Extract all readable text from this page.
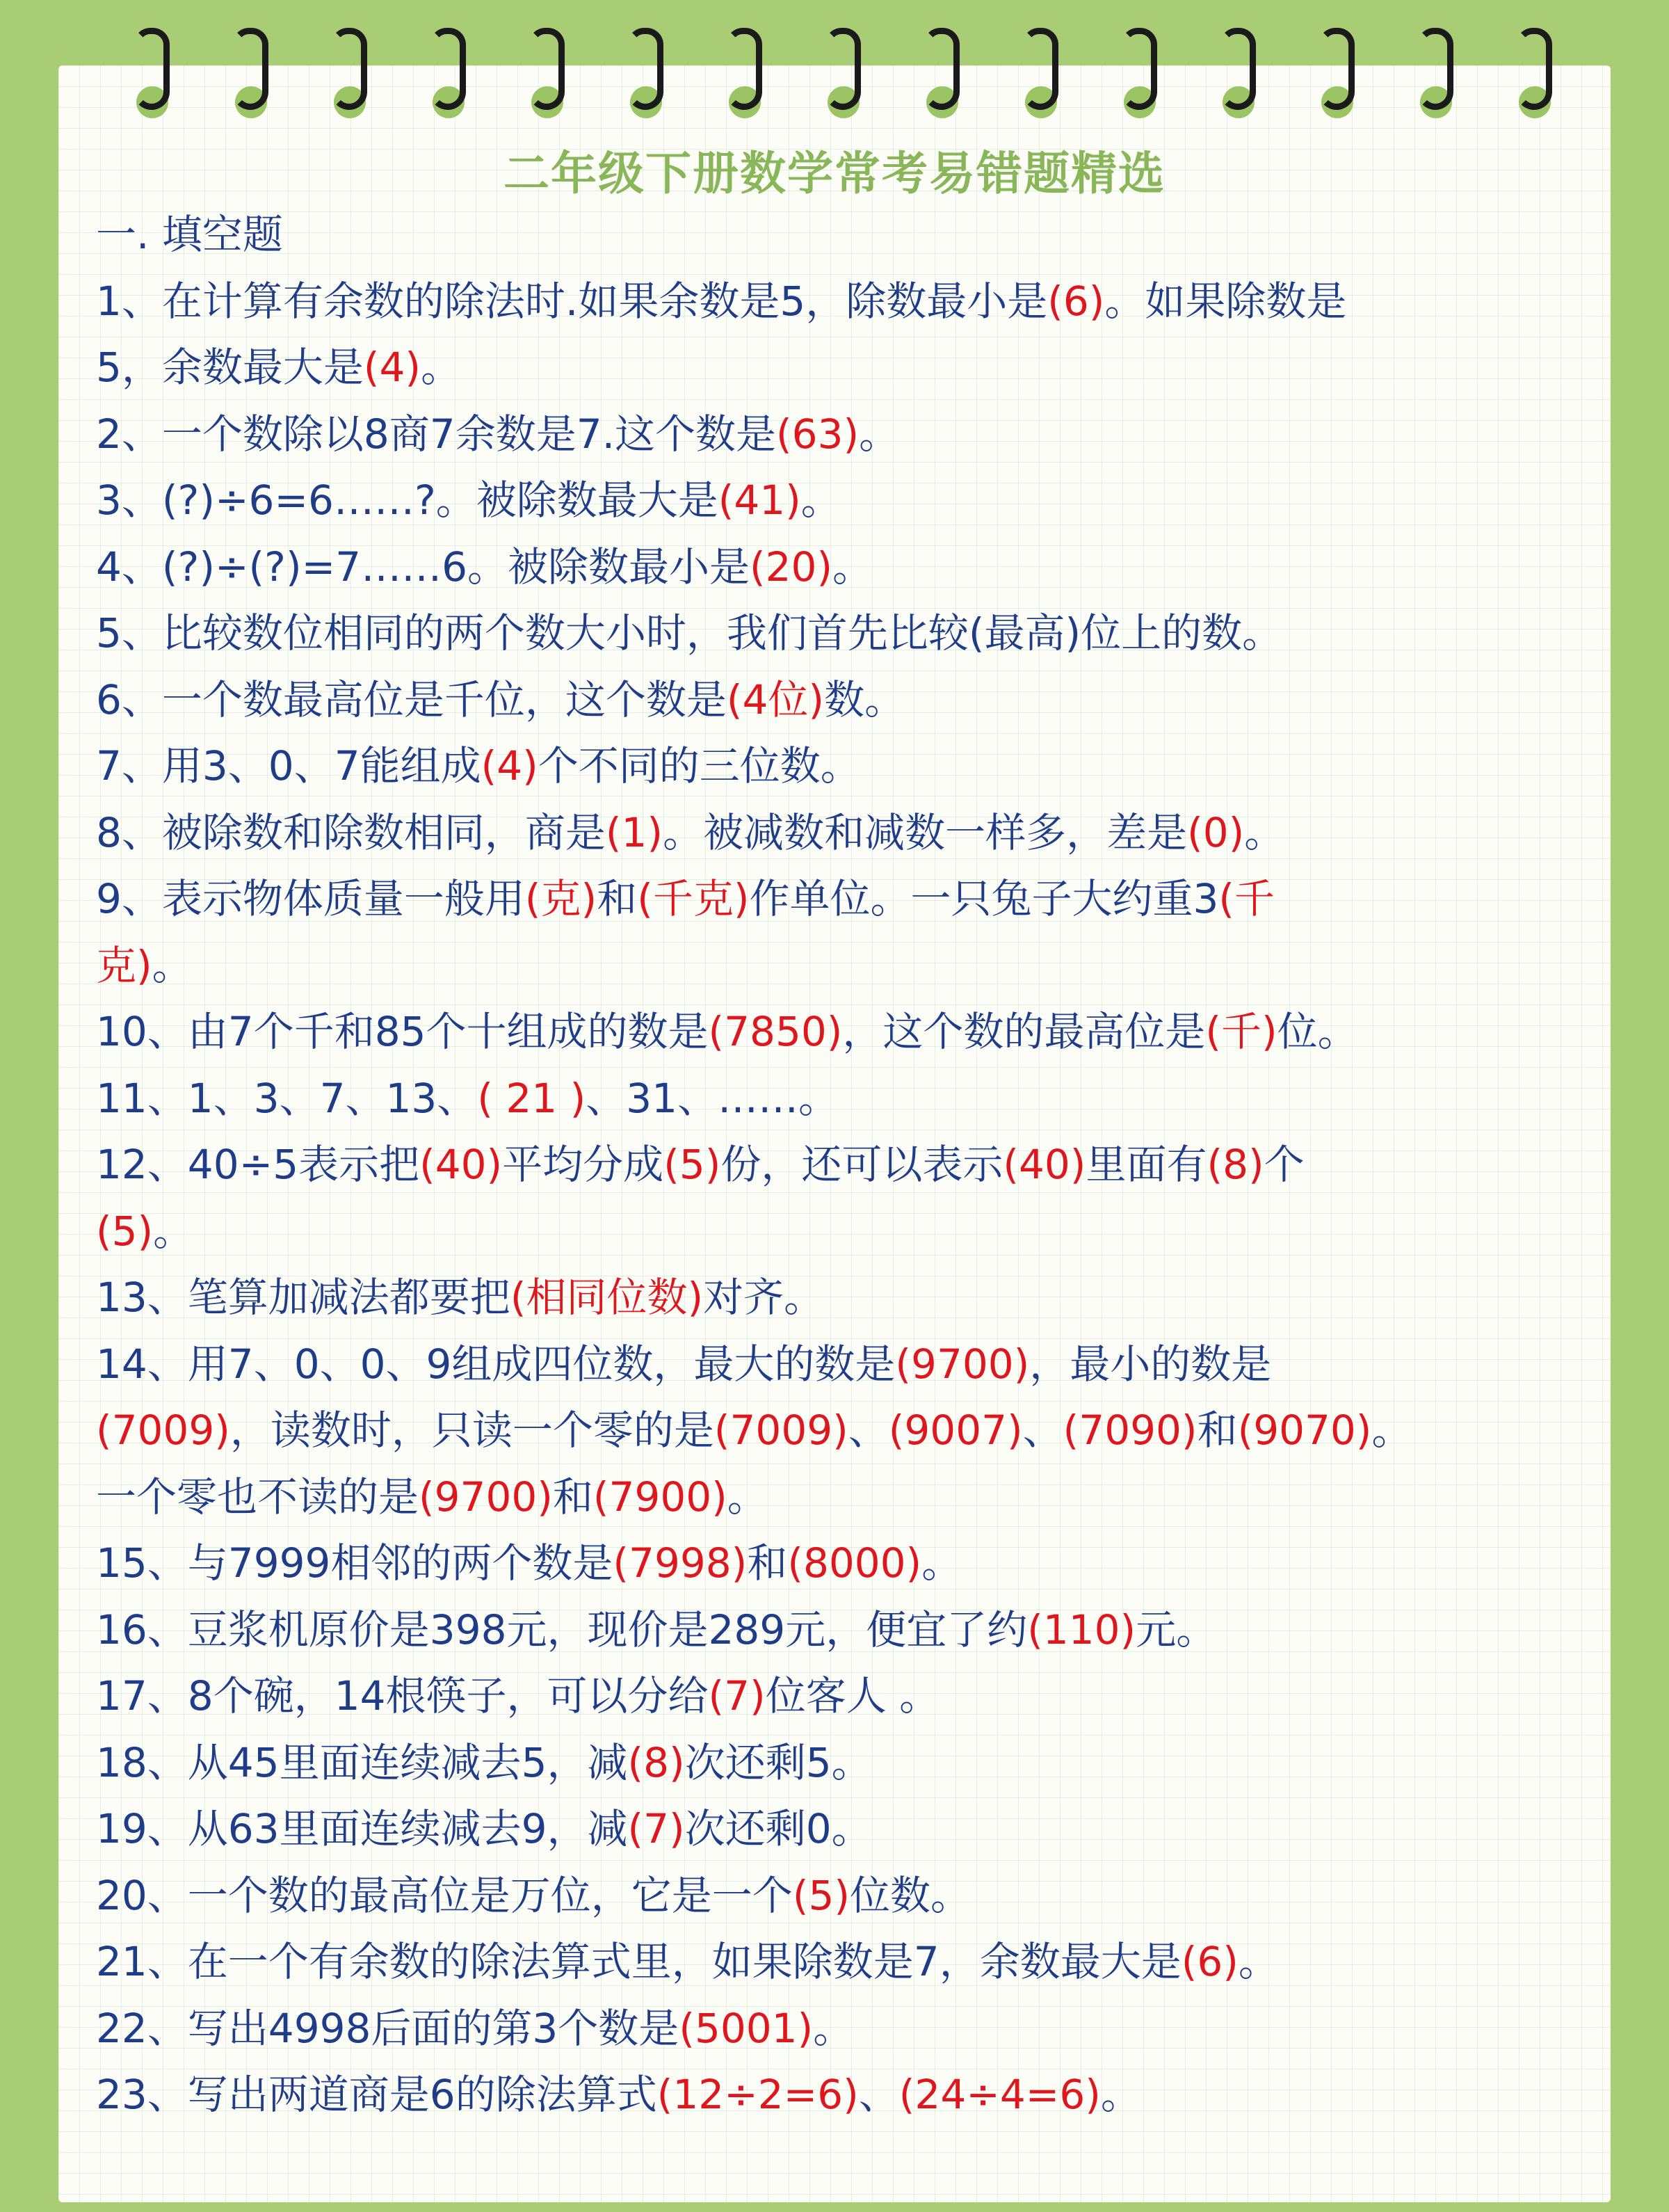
二年级下册数学常考易错题精选
一. 填空题
1、在计算有余数的除法时.如果余数是5，除数最小是(6)。如果除数是
5，余数最大是(4)。
2、一个数除以8商7余数是7.这个数是(63)。
3、(?)÷6=6……?。被除数最大是(41)。
4、(?)÷(?)=7……6。被除数最小是(20)。
5、比较数位相同的两个数大小时，我们首先比较(最高)位上的数。
6、一个数最高位是千位，这个数是(4位)数。
7、用3、0、7能组成(4)个不同的三位数。
8、被除数和除数相同，商是(1)。被减数和减数一样多，差是(0)。
9、表示物体质量一般用(克)和(千克)作单位。一只兔子大约重3(千
克)。
10、由7个千和85个十组成的数是(7850)，这个数的最高位是(千)位。
11、1、3、7、13、( 21 )、31、……。
12、40÷5表示把(40)平均分成(5)份，还可以表示(40)里面有(8)个
(5)。
13、笔算加减法都要把(相同位数)对齐。
14、用7、0、0、9组成四位数，最大的数是(9700)，最小的数是
(7009)，读数时，只读一个零的是(7009)、(9007)、(7090)和(9070)。
一个零也不读的是(9700)和(7900)。
15、与7999相邻的两个数是(7998)和(8000)。
16、豆浆机原价是398元，现价是289元，便宜了约(110)元。
17、8个碗，14根筷子，可以分给(7)位客人 。
18、从45里面连续减去5，减(8)次还剩5。
19、从63里面连续减去9，减(7)次还剩0。
20、一个数的最高位是万位，它是一个(5)位数。
21、在一个有余数的除法算式里，如果除数是7，余数最大是(6)。
22、写出4998后面的第3个数是(5001)。
23、写出两道商是6的除法算式(12÷2=6)、(24÷4=6)。
